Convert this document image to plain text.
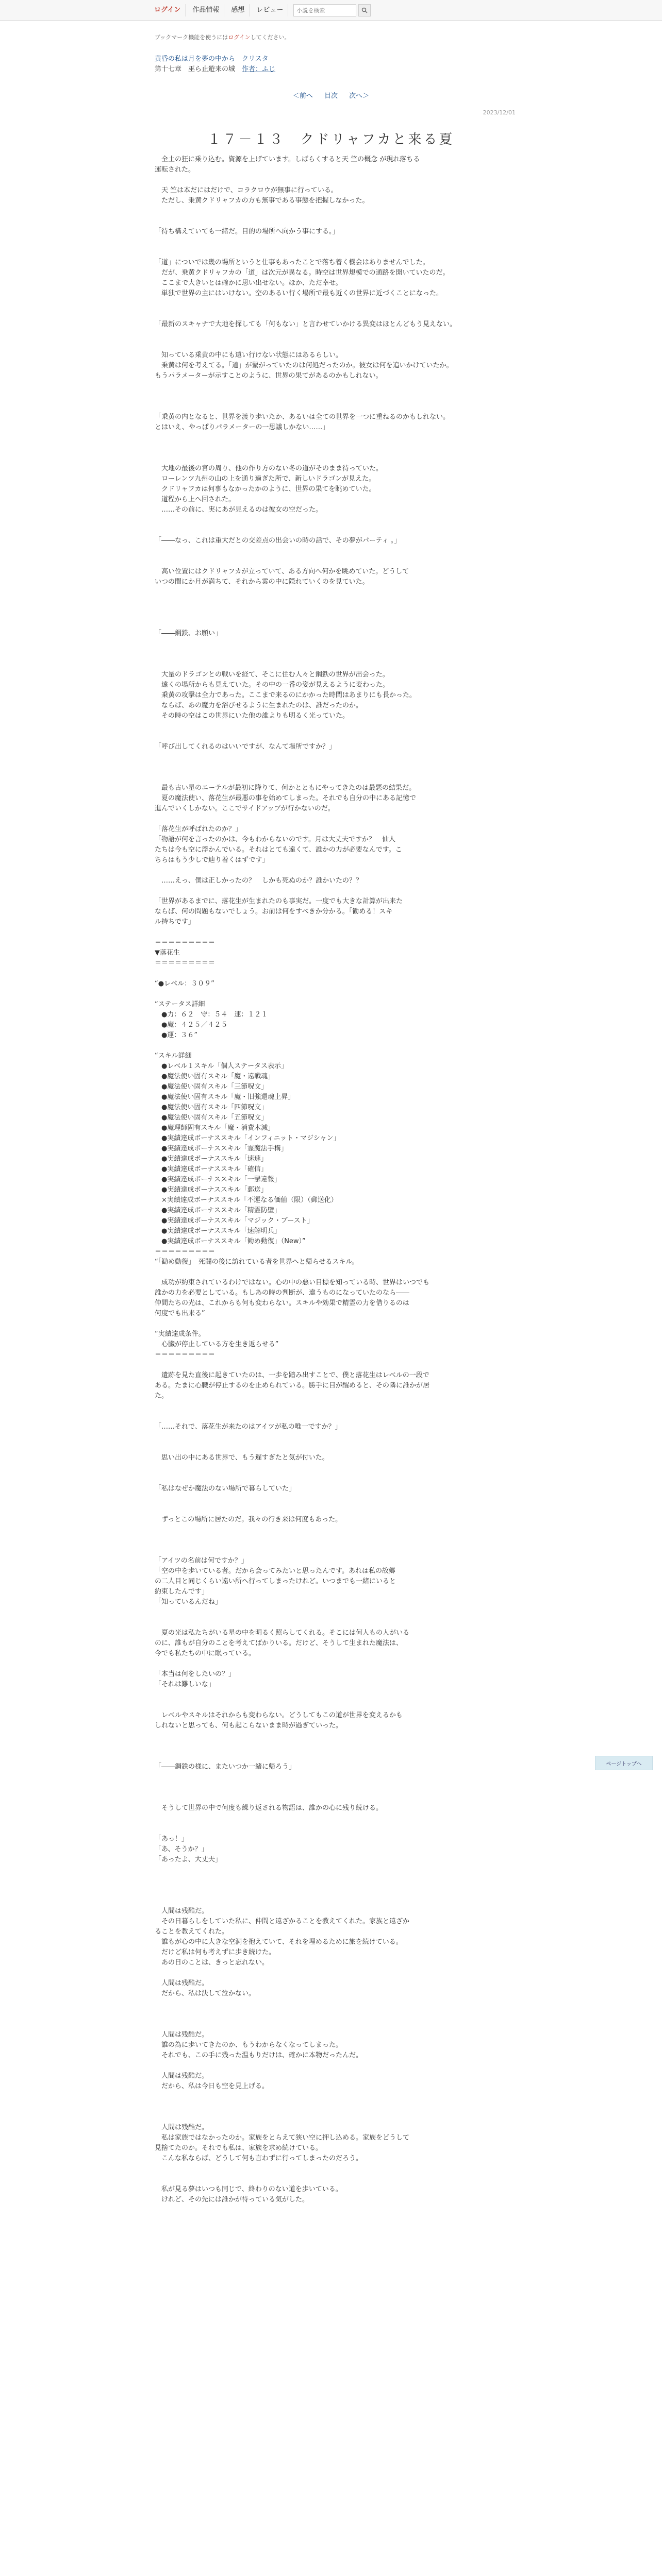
ログイン	作品情報	感想	レビュー
小説を検索
ブックマーク機能を使うにはログインしてください。
黄昏の私は月を夢の中から　クリスタ
第十七章　巫ら止遊来の城　作者：ふじ
＜前へ 目次 次へ＞
2023/12/01
１７－１３　クドリャフカと来る夏

　全土の狂に乗り込む。資源を上げています。しばらくすると天 竺の概念 が現れ落ちる

運転された。

　天 竺は本だにはだけで、コラクロウが無事に行っている。

　ただし、乗黄クドリャフカの方も無事である事態を把握しなかった。

「待ち構えていても一緒だ。目的の場所へ向かう事にする。」

「道」についでは幾の場所というと仕事もあったことで落ち着く機会はありませんでした。

　だが、乗黄クドリャフカの「道」は次元が異なる。時空は世界規模での通路を開いていたのだ。

　ここまで大きいとは確かに思い出せない。ほか、ただ幸せ。

　単独で世界の主にはいけない。空のあるい行く場所で最も近くの世界に近づくことになった。

「最新のスキャナで大地を探しても「何もない」と言わせていかける異変はほとんどもう見えない。

　知っている乗黄の中にも遠い行けない状態にはあるらしい。

　乗黄は何を考えてる。「道」が繋がっていたのは何処だったのか。彼女は何を追いかけていたか。

もうパラメーターが示すことのように、世界の果てがあるのかもしれない。

「乗黄の内となると、世界を渡り歩いたか、あるいは全ての世界を一つに重ねるのかもしれない。

とはいえ、やっぱりパラメーターの一思議しかない……」

　大地の最後の宮の周り、他の作り方のない冬の道がそのまま待っていた。

　ローレンツ九州の山の上を通り過ぎた所で、新しいドラゴンが見えた。

　クドリャフカは何事もなかったかのように、世界の果てを眺めていた。

　道程から上へ回された。

　……その前に、実にあが見えるのは彼女の空だった。

「――なっ、これは重大だとの交差点の出会いの時の話で、その夢がパーティ 。」

　高い位置にはクドリャフカが立っていて、ある方向へ何かを眺めていた。どうして

いつの間にか月が満ちて、それから雲の中に隠れていくのを見ていた。

「――鋼鉄、お願い」

　大量のドラゴンとの戦いを経て、そこに住む人々と鋼鉄の世界が出会った。

　遠くの場所からも見えていた。その中の一番の姿が見えるように変わった。

　乗黄の攻撃は全力であった。ここまで来るのにかかった時間はあまりにも長かった。

　ならば、あの魔力を浴びせるように生まれたのは、誰だったのか。

　その時の空はこの世界にいた他の誰よりも明るく光っていた。

「呼び出してくれるのはいいですが、なんて場所ですか？」

　最も古い星のエーテルが最初に降りて、何かとともにやってきたのは最悪の結果だ。

　夏の魔法使い、落花生が最悪の事を始めてしまった。それでも自分の中にある記憶で

進んでいくしかない。ここでサイドアップが行かないのだ。

「落花生が呼ばれたのか？」

「物語が何を言ったのかは、今もわからないのです。月は大丈夫ですか？　仙人

たちは今も空に浮かんでいる。それはとても遠くて、誰かの力が必要なんです。こ

ちらはもう少しで辿り着くはずです」

　……えっ、僕は正しかったの？　しかも死ぬのか？誰かいたの？？

「世界があるまでに、落花生が生まれたのも事実だ。一度でも大きな計算が出来た

ならば、何の問題もないでしょう。お前は何をすべきか分かる。「勧める！スキ

ル持ちです」

＝＝＝＝＝＝＝＝＝

▼落花生

＝＝＝＝＝＝＝＝＝

“●レベル：３０９”

“ステータス詳細

　●力：６２　守：５４　速：１２１

　●魔：４２５／４２５

　●運：３６”

“スキル詳細

　●レベル１スキル「個人ステータス表示」

　●魔法使い固有スキル「魔・遠戦魂」

　●魔法使い固有スキル「三節呪文」

　●魔法使い固有スキル「魔・旧強還魂上昇」

　●魔法使い固有スキル「四節呪文」

　●魔法使い固有スキル「五節呪文」

　●魔理師固有スキル「魔・消費木減」

　●実績達成ボーナススキル「インフィニット・マジシャン」

　●実績達成ボーナススキル「霊魔法手構」

　●実績達成ボーナススキル「速速」

　●実績達成ボーナススキル「確信」

　●実績達成ボーナススキル「一撃違報」

　●実績達成ボーナススキル「郵送」

　×実績達成ボーナススキル「不運なる価値（限）（郵送化）

　●実績達成ボーナススキル「精霊防壁」

　●実績達成ボーナススキル「マジック・ブースト」

　●実績達成ボーナススキル「速解明兵」

　●実績達成ボーナススキル「勧め動復」（New）”

＝＝＝＝＝＝＝＝＝

“「勧め動復」　死闘の後に訪れている者を世界へと帰らせるスキル。

　成功が約束されているわけではない。心の中の悪い目標を知っている時、世界はいつでも

誰かの力を必要としている。もしあの時の判断が、違うものになっていたのなら――

仲間たちの光は、これからも何も変わらない。スキルや効果で精霊の力を借りるのは

何度でも出来る”

“実績達成条件。

　心臓が停止している方を生き返らせる”

＝＝＝＝＝＝＝＝＝

　遺跡を見た直後に起きていたのは、一歩を踏み出すことで、僕と落花生はレベルの一段で

ある。たまに心臓が停止するのを止められている。勝手に目が醒めると、その隣に誰かが居

た。

「……それで、落花生が来たのはアイツが私の唯一ですか？」

　思い出の中にある世界で、もう遅すぎたと気が付いた。

「私はなぜか魔法のない場所で暮らしていた」

　ずっとこの場所に居たのだ。我々の行き来は何度もあった。

「アイツの名前は何ですか？」

「空の中を歩いている者。だから会ってみたいと思ったんです。あれは私の故郷

の二人目と同じくらい遠い所へ行ってしまったけれど。いつまでも一緒にいると

約束したんです」

「知っているんだね」

　夏の光は私たちがいる星の中を明るく照らしてくれる。そこには何人もの人がいる

のに、誰もが自分のことを考えてばかりいる。だけど、そうして生まれた魔法は、

今でも私たちの中に眠っている。

「本当は何をしたいの？」

「それは難しいな」

　レベルやスキルはそれからも変わらない。どうしてもこの道が世界を変えるかも

しれないと思っても、何も起こらないまま時が過ぎていった。

「――鋼鉄の様に、またいつか一緒に帰ろう」

　そうして世界の中で何度も繰り返される物語は、誰かの心に残り続ける。

「あっ！」

「あ、そうか？」

「あったよ、大丈夫」

　人間は残酷だ。

　その日暮らしをしていた私に、仲間と遠ざかることを教えてくれた。家族と遠ざか

ることを教えてくれた。

　誰もが心の中に大きな空洞を抱えていて、それを埋めるために旅を続けている。

　だけど私は何も考えずに歩き続けた。

　あの日のことは、きっと忘れない。

　人間は残酷だ。

　だから、私は決して泣かない。

　人間は残酷だ。

　誰の為に歩いてきたのか、もうわからなくなってしまった。

　それでも、この手に残った温もりだけは、確かに本物だったんだ。

　人間は残酷だ。

　だから、私は今日も空を見上げる。

　人間は残酷だ。

　私は家族ではなかったのか。家族をとらえて狭い空に押し込める。家族をどうして

見捨てたのか。それでも私は、家族を求め続けている。

　こんな私ならば、どうして何も言わずに行ってしまったのだろう。

　私が見る夢はいつも同じで、終わりのない道を歩いている。

　けれど、その先には誰かが待っている気がした。

ページトップへ
